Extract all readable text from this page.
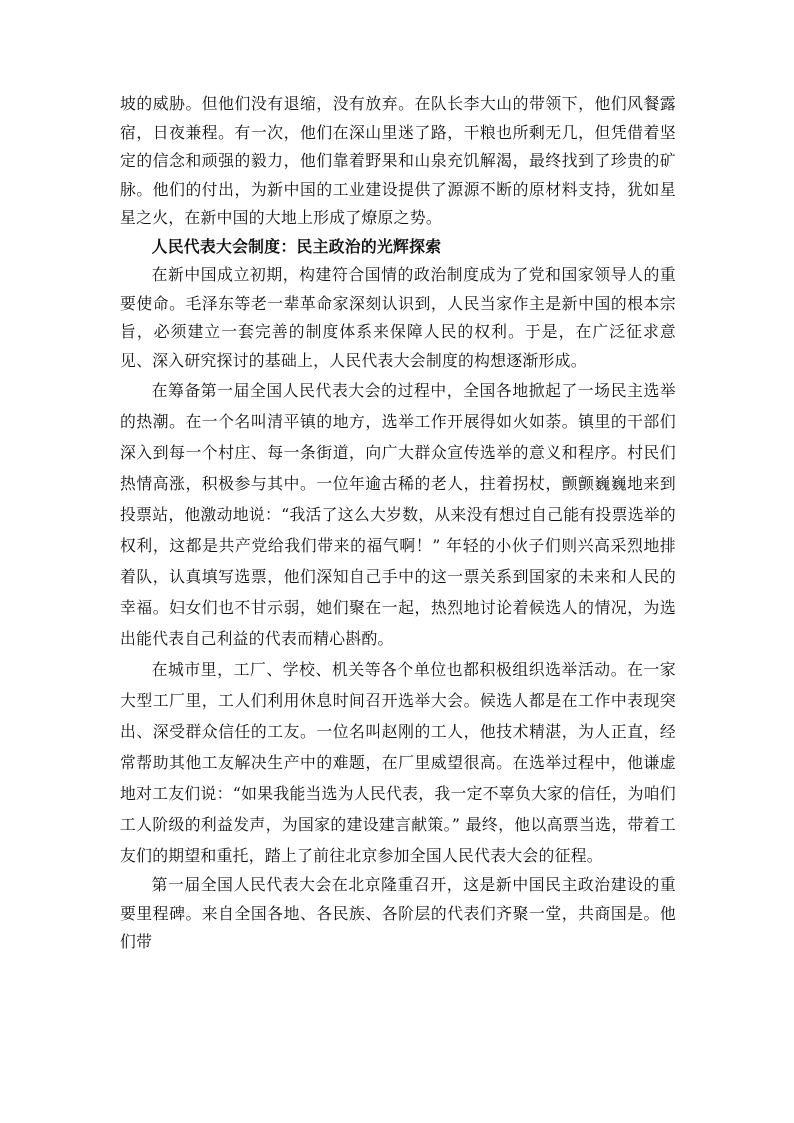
坡的威胁。但他们没有退缩，没有放弃。在队长李大山的带领下，他们风餐露宿，日夜兼程。有一次，他们在深山里迷了路，干粮也所剩无几，但凭借着坚定的信念和顽强的毅力，他们靠着野果和山泉充饥解渴，最终找到了珍贵的矿脉。他们的付出，为新中国的工业建设提供了源源不断的原材料支持，犹如星星之火，在新中国的大地上形成了燎原之势。

人民代表大会制度：民主政治的光辉探索

在新中国成立初期，构建符合国情的政治制度成为了党和国家领导人的重要使命。毛泽东等老一辈革命家深刻认识到，人民当家作主是新中国的根本宗旨，必须建立一套完善的制度体系来保障人民的权利。于是，在广泛征求意见、深入研究探讨的基础上，人民代表大会制度的构想逐渐形成。

在筹备第一届全国人民代表大会的过程中，全国各地掀起了一场民主选举的热潮。在一个名叫清平镇的地方，选举工作开展得如火如荼。镇里的干部们深入到每一个村庄、每一条街道，向广大群众宣传选举的意义和程序。村民们热情高涨，积极参与其中。一位年逾古稀的老人，拄着拐杖，颤颤巍巍地来到投票站，他激动地说：“我活了这么大岁数，从来没有想过自己能有投票选举的权利，这都是共产党给我们带来的福气啊！” 年轻的小伙子们则兴高采烈地排着队，认真填写选票，他们深知自己手中的这一票关系到国家的未来和人民的幸福。妇女们也不甘示弱，她们聚在一起，热烈地讨论着候选人的情况，为选出能代表自己利益的代表而精心斟酌。

在城市里，工厂、学校、机关等各个单位也都积极组织选举活动。在一家大型工厂里，工人们利用休息时间召开选举大会。候选人都是在工作中表现突出、深受群众信任的工友。一位名叫赵刚的工人，他技术精湛，为人正直，经常帮助其他工友解决生产中的难题，在厂里威望很高。在选举过程中，他谦虚地对工友们说：“如果我能当选为人民代表，我一定不辜负大家的信任，为咱们工人阶级的利益发声，为国家的建设建言献策。” 最终，他以高票当选，带着工友们的期望和重托，踏上了前往北京参加全国人民代表大会的征程。

第一届全国人民代表大会在北京隆重召开，这是新中国民主政治建设的重要里程碑。来自全国各地、各民族、各阶层的代表们齐聚一堂，共商国是。他们带
